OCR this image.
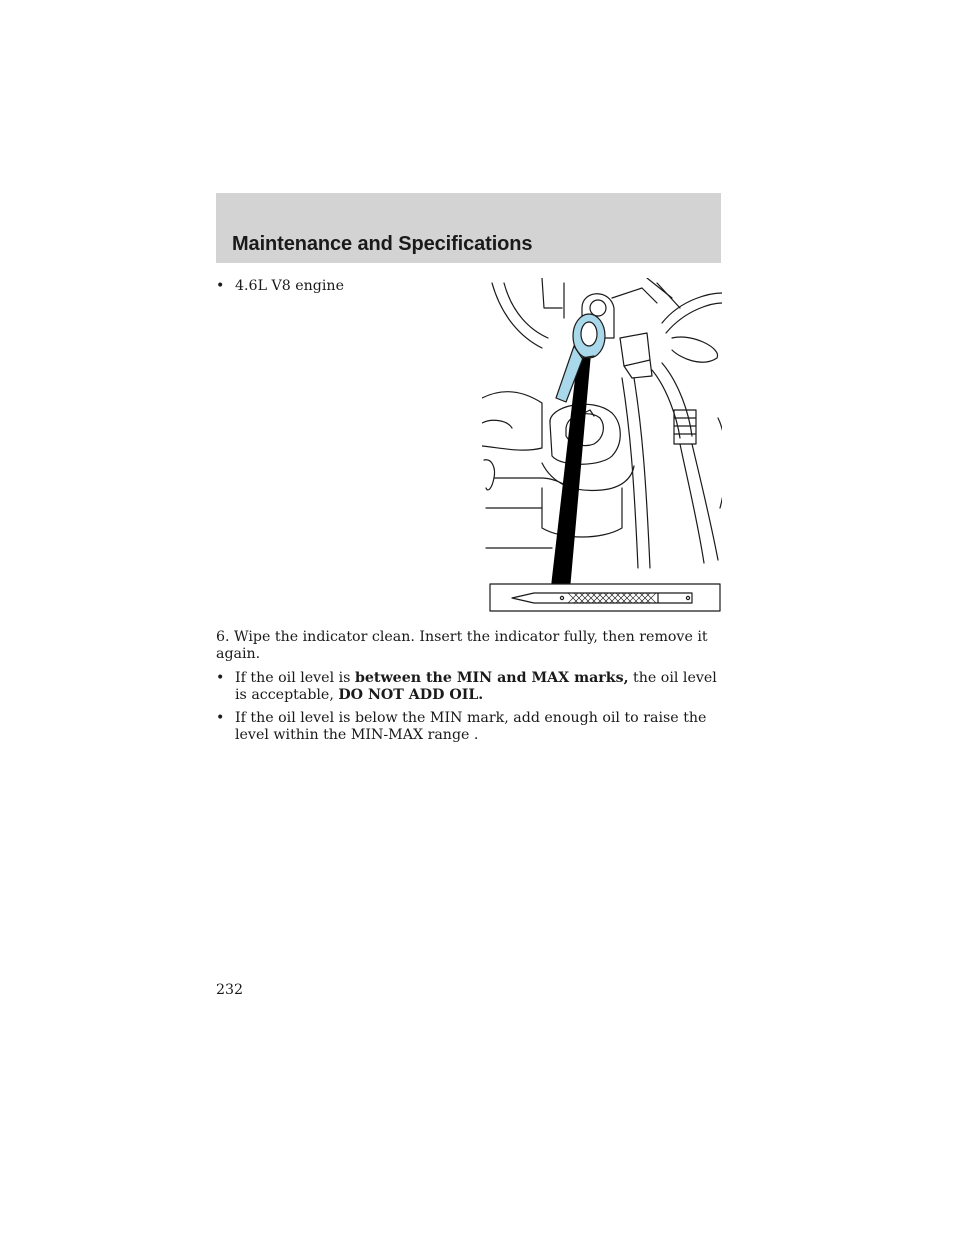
Maintenance and Specifications
• 4.6L V8 engine

6. Wipe the indicator clean. Insert the indicator fully, then remove it again.

• If the oil level is between the MIN and MAX marks, the oil level is acceptable, DO NOT ADD OIL.
• If the oil level is below the MIN mark, add enough oil to raise the level within the MIN-MAX range .
232
